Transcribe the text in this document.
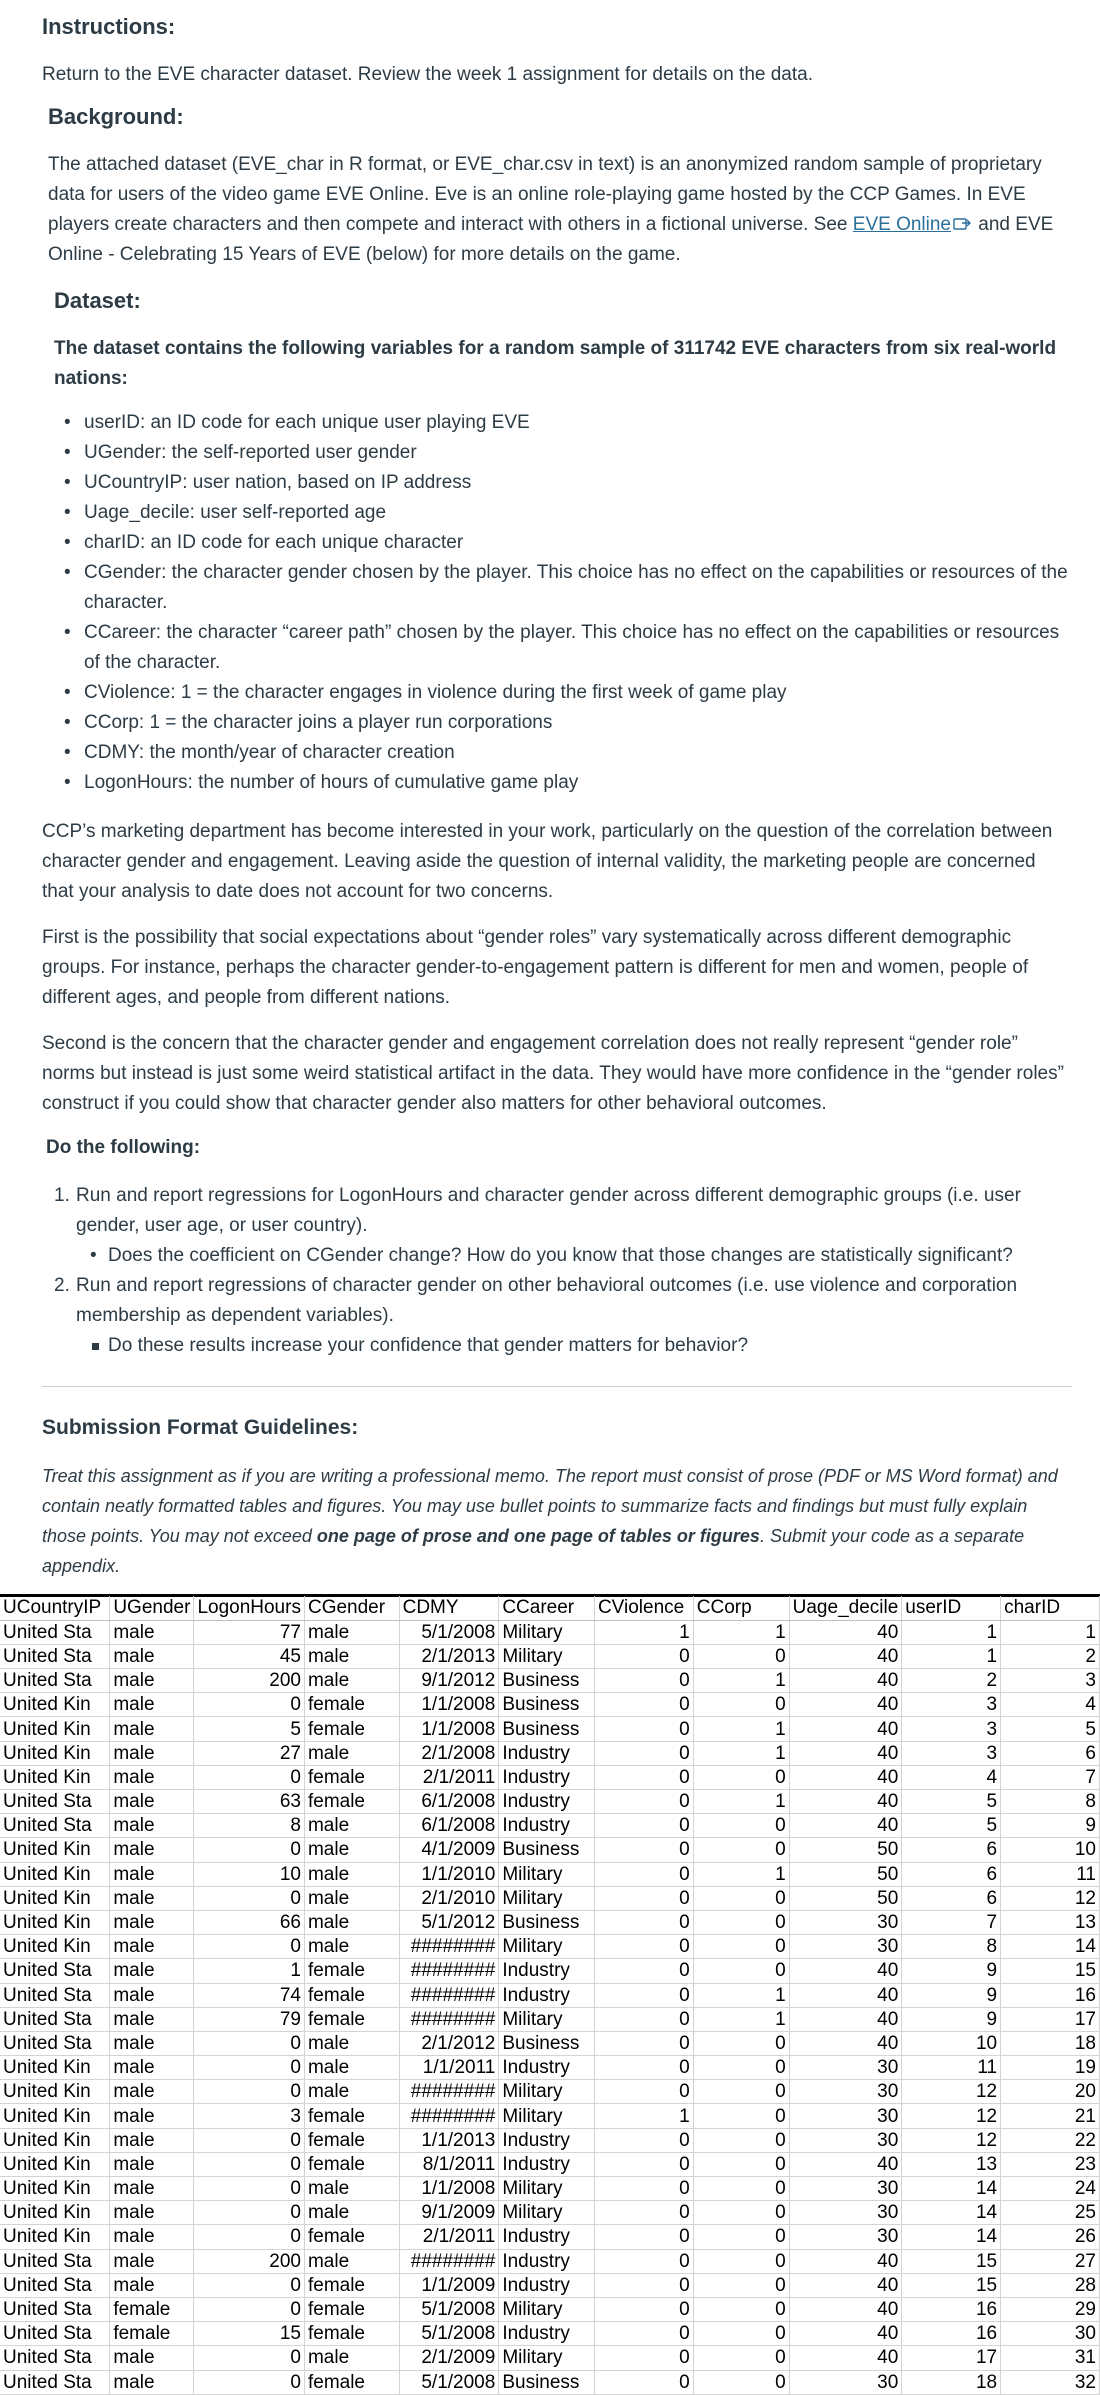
Instructions:

Return to the EVE character dataset. Review the week 1 assignment for details on the data.

Background:

The attached dataset (EVE_char in R format, or EVE_char.csv in text) is an anonymized random sample of proprietary data for users of the video game EVE Online. Eve is an online role-playing game hosted by the CCP Games. In EVE players create characters and then compete and interact with others in a fictional universe. See EVE Online and EVE Online - Celebrating 15 Years of EVE (below) for more details on the game.

Dataset:

The dataset contains the following variables for a random sample of 311742 EVE characters from six real-world nations:

• userID: an ID code for each unique user playing EVE
• UGender: the self-reported user gender
• UCountryIP: user nation, based on IP address
• Uage_decile: user self-reported age
• charID: an ID code for each unique character
• CGender: the character gender chosen by the player. This choice has no effect on the capabilities or resources of the character.
• CCareer: the character “career path” chosen by the player. This choice has no effect on the capabilities or resources of the character.
• CViolence: 1 = the character engages in violence during the first week of game play
• CCorp: 1 = the character joins a player run corporations
• CDMY: the month/year of character creation
• LogonHours: the number of hours of cumulative game play

CCP’s marketing department has become interested in your work, particularly on the question of the correlation between character gender and engagement. Leaving aside the question of internal validity, the marketing people are concerned that your analysis to date does not account for two concerns.

First is the possibility that social expectations about “gender roles” vary systematically across different demographic groups. For instance, perhaps the character gender-to-engagement pattern is different for men and women, people of different ages, and people from different nations.

Second is the concern that the character gender and engagement correlation does not really represent “gender role” norms but instead is just some weird statistical artifact in the data. They would have more confidence in the “gender roles” construct if you could show that character gender also matters for other behavioral outcomes.

Do the following:
1. Run and report regressions for LogonHours and character gender across different demographic groups (i.e. user gender, user age, or user country).
• Does the coefficient on CGender change? How do you know that those changes are statistically significant?
2. Run and report regressions of character gender on other behavioral outcomes (i.e. use violence and corporation membership as dependent variables).
Do these results increase your confidence that gender matters for behavior?
Submission Format Guidelines:

Treat this assignment as if you are writing a professional memo. The report must consist of prose (PDF or MS Word format) and contain neatly formatted tables and figures. You may use bullet points to summarize facts and findings but must fully explain those points. You may not exceed one page of prose and one page of tables or figures. Submit your code as a separate appendix.

UCountryIP	UGender	LogonHours	CGender	CDMY	CCareer	CViolence	CCorp	Uage_decile	userID	charID
United Sta	male	77	male	5/1/2008	Military	1	1	40	1	1
United Sta	male	45	male	2/1/2013	Military	0	0	40	1	2
United Sta	male	200	male	9/1/2012	Business	0	1	40	2	3
United Kin	male	0	female	1/1/2008	Business	0	0	40	3	4
United Kin	male	5	female	1/1/2008	Business	0	1	40	3	5
United Kin	male	27	male	2/1/2008	Industry	0	1	40	3	6
United Kin	male	0	female	2/1/2011	Industry	0	0	40	4	7
United Sta	male	63	female	6/1/2008	Industry	0	1	40	5	8
United Sta	male	8	male	6/1/2008	Industry	0	0	40	5	9
United Kin	male	0	male	4/1/2009	Business	0	0	50	6	10
United Kin	male	10	male	1/1/2010	Military	0	1	50	6	11
United Kin	male	0	male	2/1/2010	Military	0	0	50	6	12
United Kin	male	66	male	5/1/2012	Business	0	0	30	7	13
United Kin	male	0	male	########	Military	0	0	30	8	14
United Sta	male	1	female	########	Industry	0	0	40	9	15
United Sta	male	74	female	########	Industry	0	1	40	9	16
United Sta	male	79	female	########	Military	0	1	40	9	17
United Sta	male	0	male	2/1/2012	Business	0	0	40	10	18
United Kin	male	0	male	1/1/2011	Industry	0	0	30	11	19
United Kin	male	0	male	########	Military	0	0	30	12	20
United Kin	male	3	female	########	Military	1	0	30	12	21
United Kin	male	0	female	1/1/2013	Industry	0	0	30	12	22
United Kin	male	0	female	8/1/2011	Industry	0	0	40	13	23
United Kin	male	0	male	1/1/2008	Military	0	0	30	14	24
United Kin	male	0	male	9/1/2009	Military	0	0	30	14	25
United Kin	male	0	female	2/1/2011	Industry	0	0	30	14	26
United Sta	male	200	male	########	Industry	0	0	40	15	27
United Sta	male	0	female	1/1/2009	Industry	0	0	40	15	28
United Sta	female	0	female	5/1/2008	Military	0	0	40	16	29
United Sta	female	15	female	5/1/2008	Industry	0	0	40	16	30
United Sta	male	0	male	2/1/2009	Military	0	0	40	17	31
United Sta	male	0	female	5/1/2008	Business	0	0	30	18	32
